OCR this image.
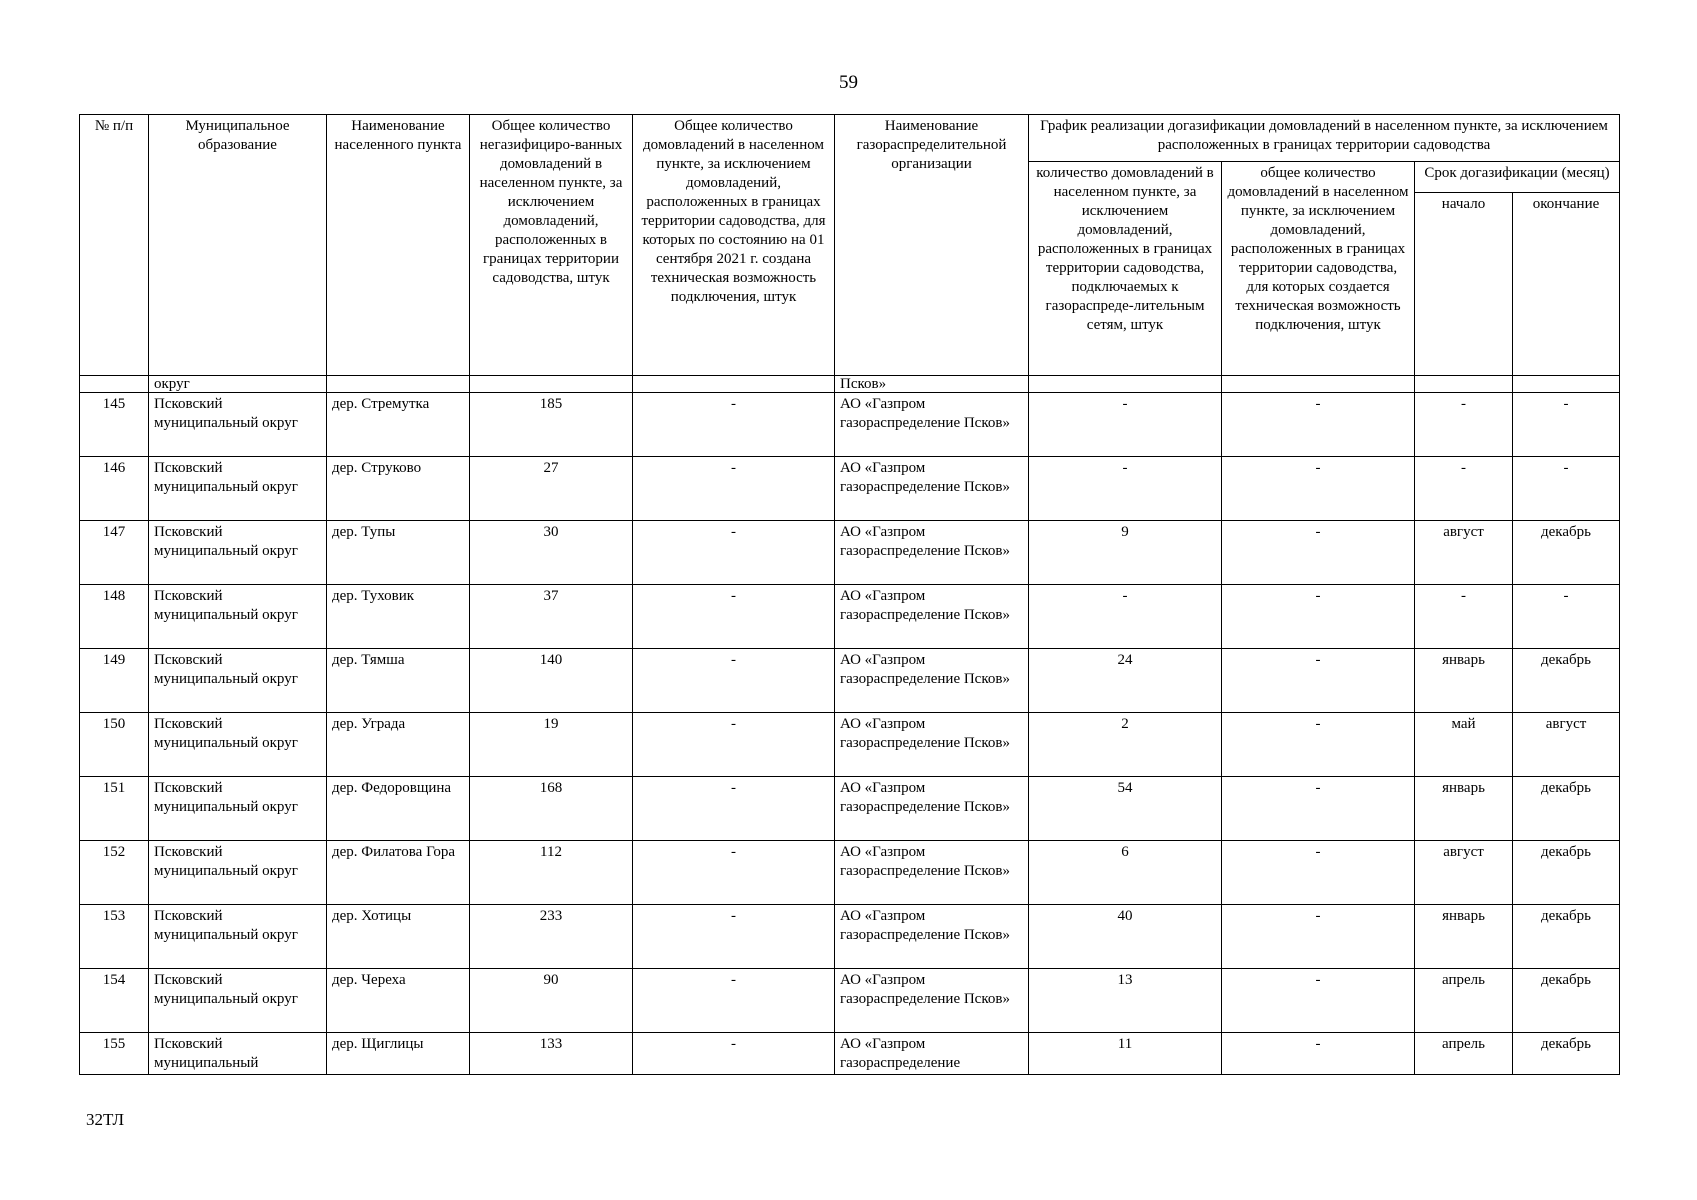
59
№ п/п	Муниципальное образование	Наименование населенного пункта	Общее количество негазифициро-ванных домовладений в населенном пункте, за исключением домовладений, расположенных в границах территории садоводства, штук	Общее количество домовладений в населенном пункте, за исключением домовладений, расположенных в границах территории садоводства, для которых по состоянию на 01 сентября 2021 г. создана техническая возможность подключения, штук	Наименование газораспределительной организации	График реализации догазификации домовладений в населенном пункте, за исключением расположенных в границах территории садоводства			
						количество домовладений в населенном пункте, за исключением домовладений, расположенных в границах территории садоводства, подключаемых к газораспреде-лительным сетям, штук	общее количество домовладений в населенном пункте, за исключением домовладений, расположенных в границах территории садоводства, для которых создается техническая возможность подключения, штук	Срок догазификации (месяц)	
								начало	окончание
	округ				Псков»				
145	Псковский муниципальный округ	дер. Стремутка	185	-	АО «Газпром газораспределение Псков»	-	-	-	-
146	Псковский муниципальный округ	дер. Струково	27	-	АО «Газпром газораспределение Псков»	-	-	-	-
147	Псковский муниципальный округ	дер. Тупы	30	-	АО «Газпром газораспределение Псков»	9	-	август	декабрь
148	Псковский муниципальный округ	дер. Туховик	37	-	АО «Газпром газораспределение Псков»	-	-	-	-
149	Псковский муниципальный округ	дер. Тямша	140	-	АО «Газпром газораспределение Псков»	24	-	январь	декабрь
150	Псковский муниципальный округ	дер. Уграда	19	-	АО «Газпром газораспределение Псков»	2	-	май	август
151	Псковский муниципальный округ	дер. Федоровщина	168	-	АО «Газпром газораспределение Псков»	54	-	январь	декабрь
152	Псковский муниципальный округ	дер. Филатова Гора	112	-	АО «Газпром газораспределение Псков»	6	-	август	декабрь
153	Псковский муниципальный округ	дер. Хотицы	233	-	АО «Газпром газораспределение Псков»	40	-	январь	декабрь
154	Псковский муниципальный округ	дер. Череха	90	-	АО «Газпром газораспределение Псков»	13	-	апрель	декабрь
155	Псковский муниципальный	дер. Щиглицы	133	-	АО «Газпром газораспределение	11	-	апрель	декабрь
32ТЛ
